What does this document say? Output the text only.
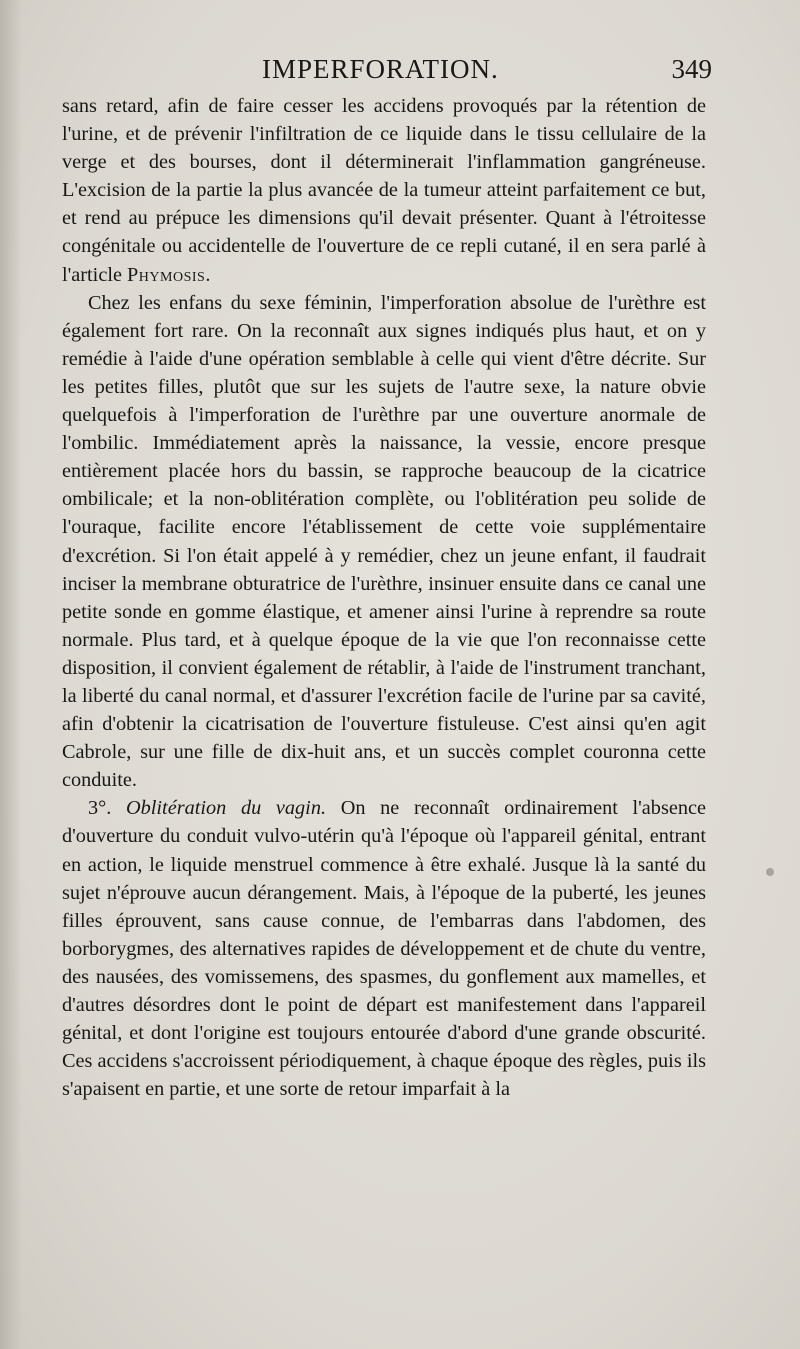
IMPERFORATION.	349

sans retard, afin de faire cesser les accidens provoqués par la rétention de l'urine, et de prévenir l'infiltration de ce liquide dans le tissu cellulaire de la verge et des bourses, dont il déterminerait l'inflammation gangréneuse. L'excision de la partie la plus avancée de la tumeur atteint parfaitement ce but, et rend au prépuce les dimensions qu'il devait présenter. Quant à l'étroitesse congénitale ou accidentelle de l'ouverture de ce repli cutané, il en sera parlé à l'article Phymosis.

Chez les enfans du sexe féminin, l'imperforation absolue de l'urèthre est également fort rare. On la reconnaît aux signes indiqués plus haut, et on y remédie à l'aide d'une opération semblable à celle qui vient d'être décrite. Sur les petites filles, plutôt que sur les sujets de l'autre sexe, la nature obvie quelquefois à l'imperforation de l'urèthre par une ouverture anormale de l'ombilic. Immédiatement après la naissance, la vessie, encore presque entièrement placée hors du bassin, se rapproche beaucoup de la cicatrice ombilicale; et la non-oblitération complète, ou l'oblitération peu solide de l'ouraque, facilite encore l'établissement de cette voie supplémentaire d'excrétion. Si l'on était appelé à y remédier, chez un jeune enfant, il faudrait inciser la membrane obturatrice de l'urèthre, insinuer ensuite dans ce canal une petite sonde en gomme élastique, et amener ainsi l'urine à reprendre sa route normale. Plus tard, et à quelque époque de la vie que l'on reconnaisse cette disposition, il convient également de rétablir, à l'aide de l'instrument tranchant, la liberté du canal normal, et d'assurer l'excrétion facile de l'urine par sa cavité, afin d'obtenir la cicatrisation de l'ouverture fistuleuse. C'est ainsi qu'en agit Cabrole, sur une fille de dix-huit ans, et un succès complet couronna cette conduite.

3°. Oblitération du vagin. On ne reconnaît ordinairement l'absence d'ouverture du conduit vulvo-utérin qu'à l'époque où l'appareil génital, entrant en action, le liquide menstruel commence à être exhalé. Jusque là la santé du sujet n'éprouve aucun dérangement. Mais, à l'époque de la puberté, les jeunes filles éprouvent, sans cause connue, de l'embarras dans l'abdomen, des borborygmes, des alternatives rapides de développement et de chute du ventre, des nausées, des vomissemens, des spasmes, du gonflement aux mamelles, et d'autres désordres dont le point de départ est manifestement dans l'appareil génital, et dont l'origine est toujours entourée d'abord d'une grande obscurité. Ces accidens s'accroissent périodiquement, à chaque époque des règles, puis ils s'apaisent en partie, et une sorte de retour imparfait à la
